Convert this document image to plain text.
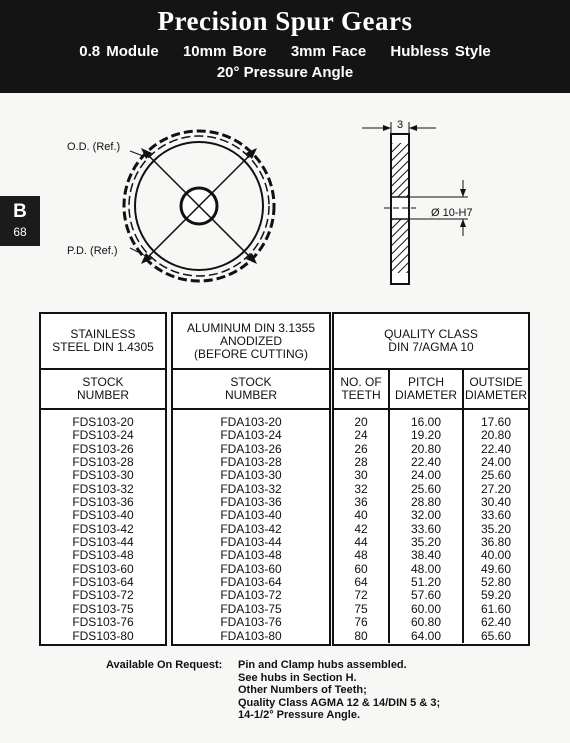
Precision Spur Gears
0.8 Module 10mm Bore 3mm Face Hubless Style
20° Pressure Angle
B
68
O.D. (Ref.)
P.D. (Ref.)
3
Ø 10-H7
STAINLESS
STEEL DIN 1.4305
STOCK
NUMBER
FDS103-20
FDS103-24
FDS103-26
FDS103-28
FDS103-30
FDS103-32
FDS103-36
FDS103-40
FDS103-42
FDS103-44
FDS103-48
FDS103-60
FDS103-64
FDS103-72
FDS103-75
FDS103-76
FDS103-80
ALUMINUM DIN 3.1355
ANODIZED
(BEFORE CUTTING)
STOCK
NUMBER
FDA103-20
FDA103-24
FDA103-26
FDA103-28
FDA103-30
FDA103-32
FDA103-36
FDA103-40
FDA103-42
FDA103-44
FDA103-48
FDA103-60
FDA103-64
FDA103-72
FDA103-75
FDA103-76
FDA103-80
QUALITY CLASS
DIN 7/AGMA 10
NO. OF
TEETH
PITCH
DIAMETER
OUTSIDE
DIAMETER
20
24
26
28
30
32
36
40
42
44
48
60
64
72
75
76
80
16.00
19.20
20.80
22.40
24.00
25.60
28.80
32.00
33.60
35.20
38.40
48.00
51.20
57.60
60.00
60.80
64.00
17.60
20.80
22.40
24.00
25.60
27.20
30.40
33.60
35.20
36.80
40.00
49.60
52.80
59.20
61.60
62.40
65.60
Available On Request: Pin and Clamp hubs assembled.
See hubs in Section H.
Other Numbers of Teeth;
Quality Class AGMA 12 & 14/DIN 5 & 3;
14-1/2° Pressure Angle.
